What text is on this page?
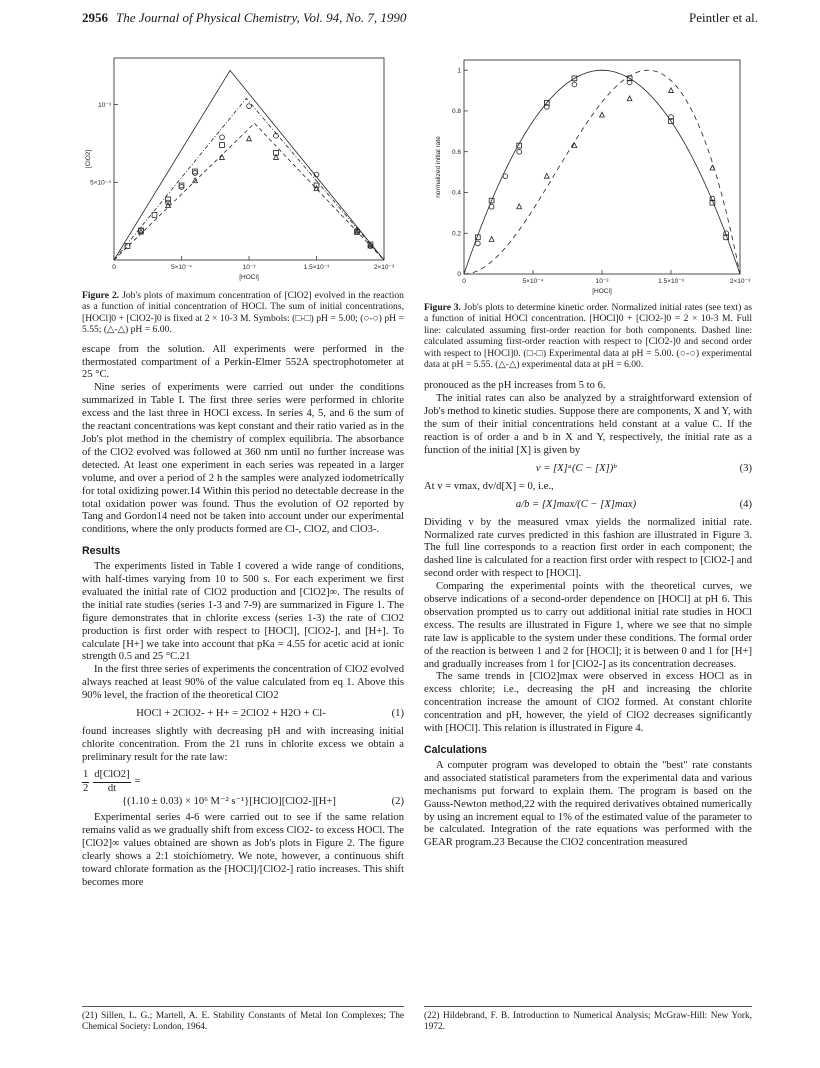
2956 The Journal of Physical Chemistry, Vol. 94, No. 7, 1990	Peintler et al.
0	5×10⁻⁴	10⁻³	1.5×10⁻³	2×10⁻³
5×10⁻⁴
10⁻³
[HOCl]
[ClO2]
Figure 2. Job's plots of maximum concentration of [ClO2] evolved in the reaction as a function of initial concentration of HOCl. The sum of initial concentrations, [HOCl]0 + [ClO2-]0 is fixed at 2 × 10-3 M. Symbols: (□-□) pH = 5.00; (○-○) pH = 5.55; (△-△) pH = 6.00.

escape from the solution. All experiments were performed in the thermostated compartment of a Perkin-Elmer 552A spectrophotometer at 25 °C.

Nine series of experiments were carried out under the conditions summarized in Table I. The first three series were performed in chlorite excess and the last three in HOCl excess. In series 4, 5, and 6 the sum of the reactant concentrations was kept constant and their ratio varied as in the Job's plot method in the chemistry of complex equilibria. The absorbance of the ClO2 evolved was followed at 360 nm until no further increase was detected. At least one experiment in each series was repeated in a larger volume, and over a period of 2 h the samples were analyzed iodometrically for total oxidizing power.14 Within this period no detectable decrease in the total oxidation power was found. Thus the evolution of O2 reported by Tang and Gordon14 need not be taken into account under our experimental conditions, where the only products formed are Cl-, ClO2, and ClO3-.

Results

The experiments listed in Table I covered a wide range of conditions, with half-times varying from 10 to 500 s. For each experiment we first evaluated the initial rate of ClO2 production and [ClO2]∞. The results of the initial rate studies (series 1-3 and 7-9) are summarized in Figure 1. The figure demonstrates that in chlorite excess (series 1-3) the rate of ClO2 production is first order with respect to [HOCl], [ClO2-], and [H+]. To calculate [H+] we take into account that pKa = 4.55 for acetic acid at ionic strength 0.5 and 25 °C.21

In the first three series of experiments the concentration of ClO2 evolved always reached at least 90% of the value calculated from eq 1. Above this 90% level, the fraction of the theoretical ClO2

HOCl + 2ClO2- + H+ = 2ClO2 + H2O + Cl-	(1)

found increases slightly with decreasing pH and with increasing initial chlorite concentration. From the 21 runs in chlorite excess we obtain a preliminary result for the rate law:

$\frac{1}{2} \frac{\text{d[ClO2]}}{dt}$ =
{(1.10 ± 0.03) × 10⁶ M⁻² s⁻¹}[HClO][ClO2-][H+]	(2)

Experimental series 4-6 were carried out to see if the same relation remains valid as we gradually shift from excess ClO2- to excess HOCl. The [ClO2]∞ values obtained are shown as Job's plots in Figure 2. The figure clearly shows a 2:1 stoichiometry. We note, however, a continuous shift toward chlorate formation as the [HOCl]/[ClO2-] ratio increases. This shift becomes more

0	5×10⁻⁴	10⁻³	1.5×10⁻³	2×10⁻³
0
0.2
0.4
0.6
0.8
1
[HOCl]
normalized initial rate
Figure 3. Job's plots to determine kinetic order. Normalized initial rates (see text) as a function of initial HOCl concentration. [HOCl]0 + [ClO2-]0 = 2 × 10-3 M. Full line: calculated assuming first-order reaction for both components. Dashed line: calculated assuming first-order reaction with respect to [ClO2-]0 and second order with respect to [HOCl]0. (□-□) Experimental data at pH = 5.00. (○-○) experimental data at pH = 5.55. (△-△) experimental data at pH = 6.00.

pronouced as the pH increases from 5 to 6.

The initial rates can also be analyzed by a straightforward extension of Job's method to kinetic studies. Suppose there are components, X and Y, with the sum of their initial concentrations held constant at a value C. If the reaction is of order a and b in X and Y, respectively, the initial rate as a function of the initial [X] is given by

v = [X]ᵃ(C − [X])ᵇ	(3)

At v = vmax, dv/d[X] = 0, i.e.,

a/b = [X]max/(C − [X]max)	(4)

Dividing v by the measured vmax yields the normalized initial rate. Normalized rate curves predicted in this fashion are illustrated in Figure 3. The full line corresponds to a reaction first order in each component; the dashed line is calculated for a reaction first order with respect to [ClO2-] and second order with respect to [HOCl].

Comparing the experimental points with the theoretical curves, we observe indications of a second-order dependence on [HOCl] at pH 6. This observation prompted us to carry out additional initial rate studies in HOCl excess. The results are illustrated in Figure 1, where we see that no simple rate law is applicable to the system under these conditions. The formal order of the reaction is between 1 and 2 for [HOCl]; it is between 0 and 1 for [H+] and gradually increases from 1 for [ClO2-] as its concentration decreases.

The same trends in [ClO2]max were observed in excess HOCl as in excess chlorite; i.e., decreasing the pH and increasing the chlorite concentration increase the amount of ClO2 formed. At constant chlorite concentration and pH, however, the yield of ClO2 decreases significantly with [HOCl]. This relation is illustrated in Figure 4.

Calculations

A computer program was developed to obtain the "best" rate constants and associated statistical parameters from the experimental data and various mechanisms put forward to explain them. The program is based on the Gauss-Newton method,22 with the required derivatives obtained numerically by using an increment equal to 1% of the estimated value of the parameter to be calculated. Integration of the rate equations was performed with the GEAR program.23 Because the ClO2 concentration measured

(21) Sillen, L. G.; Martell, A. E. Stability Constants of Metal Ion Complexes; The Chemical Society: London, 1964.
(22) Hildebrand, F. B. Introduction to Numerical Analysis; McGraw-Hill: New York, 1972.
